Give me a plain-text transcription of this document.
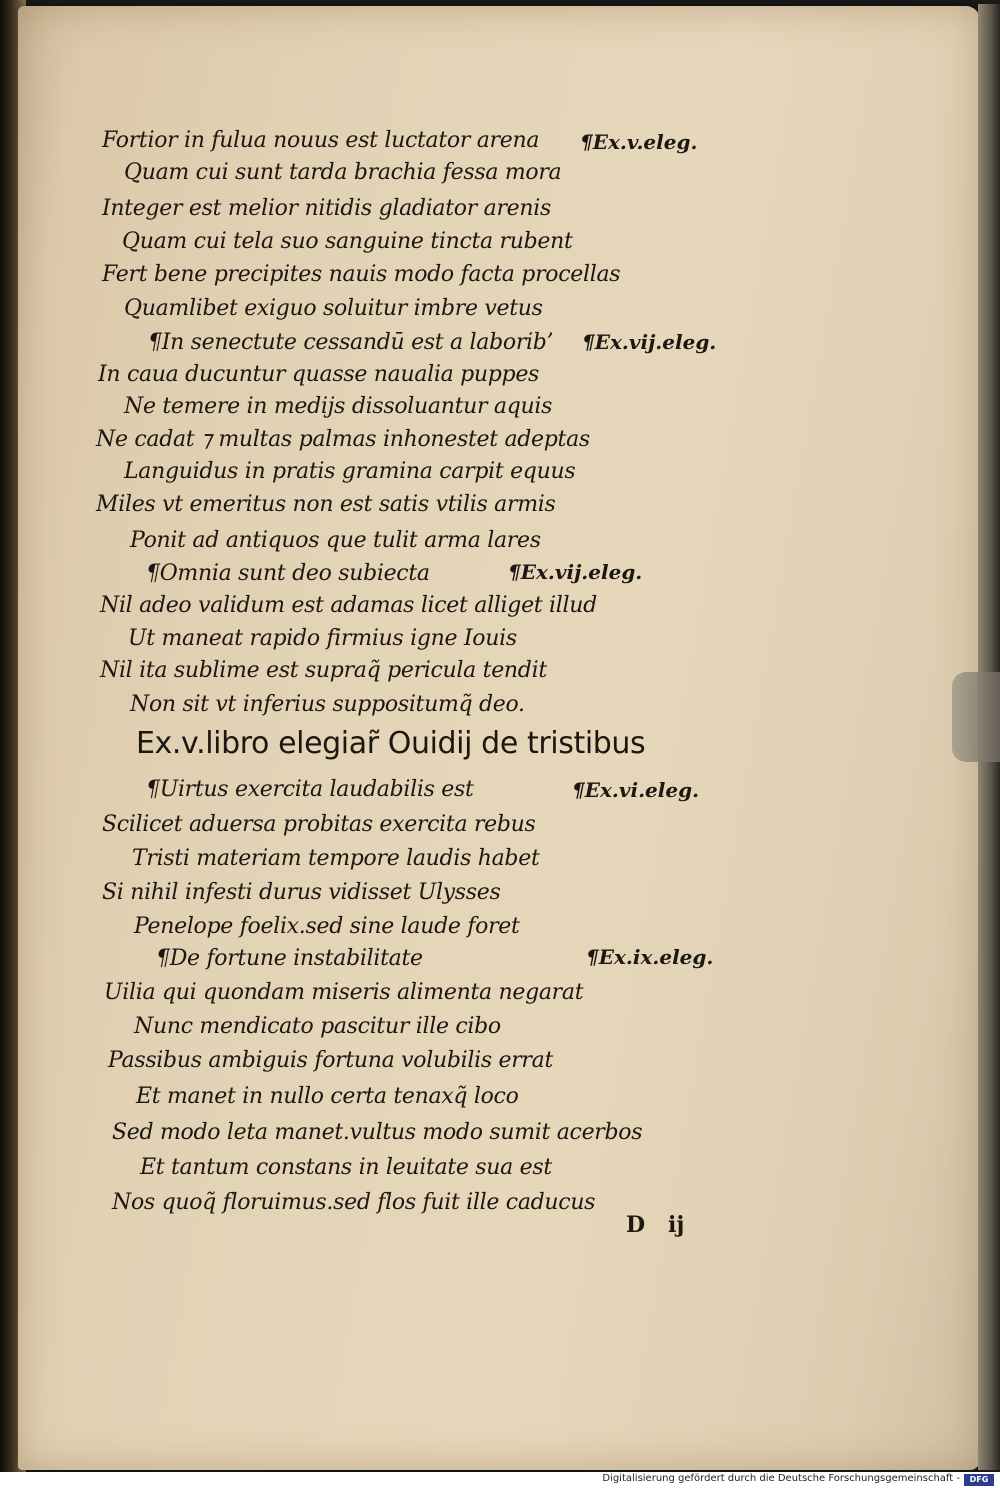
Fortior in fulua nouus est luctator arena
Quam cui sunt tarda brachia fessa mora
Integer est melior nitidis gladiator arenis
Quam cui tela suo sanguine tincta rubent
Fert bene precipites nauis modo facta procellas
Quamlibet exiguo soluitur imbre vetus
¶In senectute cessandū est a laborib’
In caua ducuntur quasse naualia puppes
Ne temere in medijs dissoluantur aquis
Ne cadat ⁊ multas palmas inhonestet adeptas
Languidus in pratis gramina carpit equus
Miles vt emeritus non est satis vtilis armis
Ponit ad antiquos que tulit arma lares
¶Omnia sunt deo subiecta
Nil adeo validum est adamas licet alliget illud
Ut maneat rapido firmius igne Iouis
Nil ita sublime est supraq̃ pericula tendit
Non sit vt inferius suppositumq̃ deo.
Ex.v.libro elegiar̃ Ouidij de tristibus
¶Uirtus exercita laudabilis est
Scilicet aduersa probitas exercita rebus
Tristi materiam tempore laudis habet
Si nihil infesti durus vidisset Ulysses
Penelope foelix.sed sine laude foret
¶De fortune instabilitate
Uilia qui quondam miseris alimenta negarat
Nunc mendicato pascitur ille cibo
Passibus ambiguis fortuna volubilis errat
Et manet in nullo certa tenaxq̃ loco
Sed modo leta manet.vultus modo sumit acerbos
Et tantum constans in leuitate sua est
Nos quoq̃ floruimus.sed flos fuit ille caducus
¶Ex.v.eleg.
¶Ex.vij.eleg.
¶Ex.vij.eleg.
¶Ex.vi.eleg.
¶Ex.ix.eleg.
D   ij
Digitalisierung gefördert durch die Deutsche Forschungsgemeinschaft -	DFG
